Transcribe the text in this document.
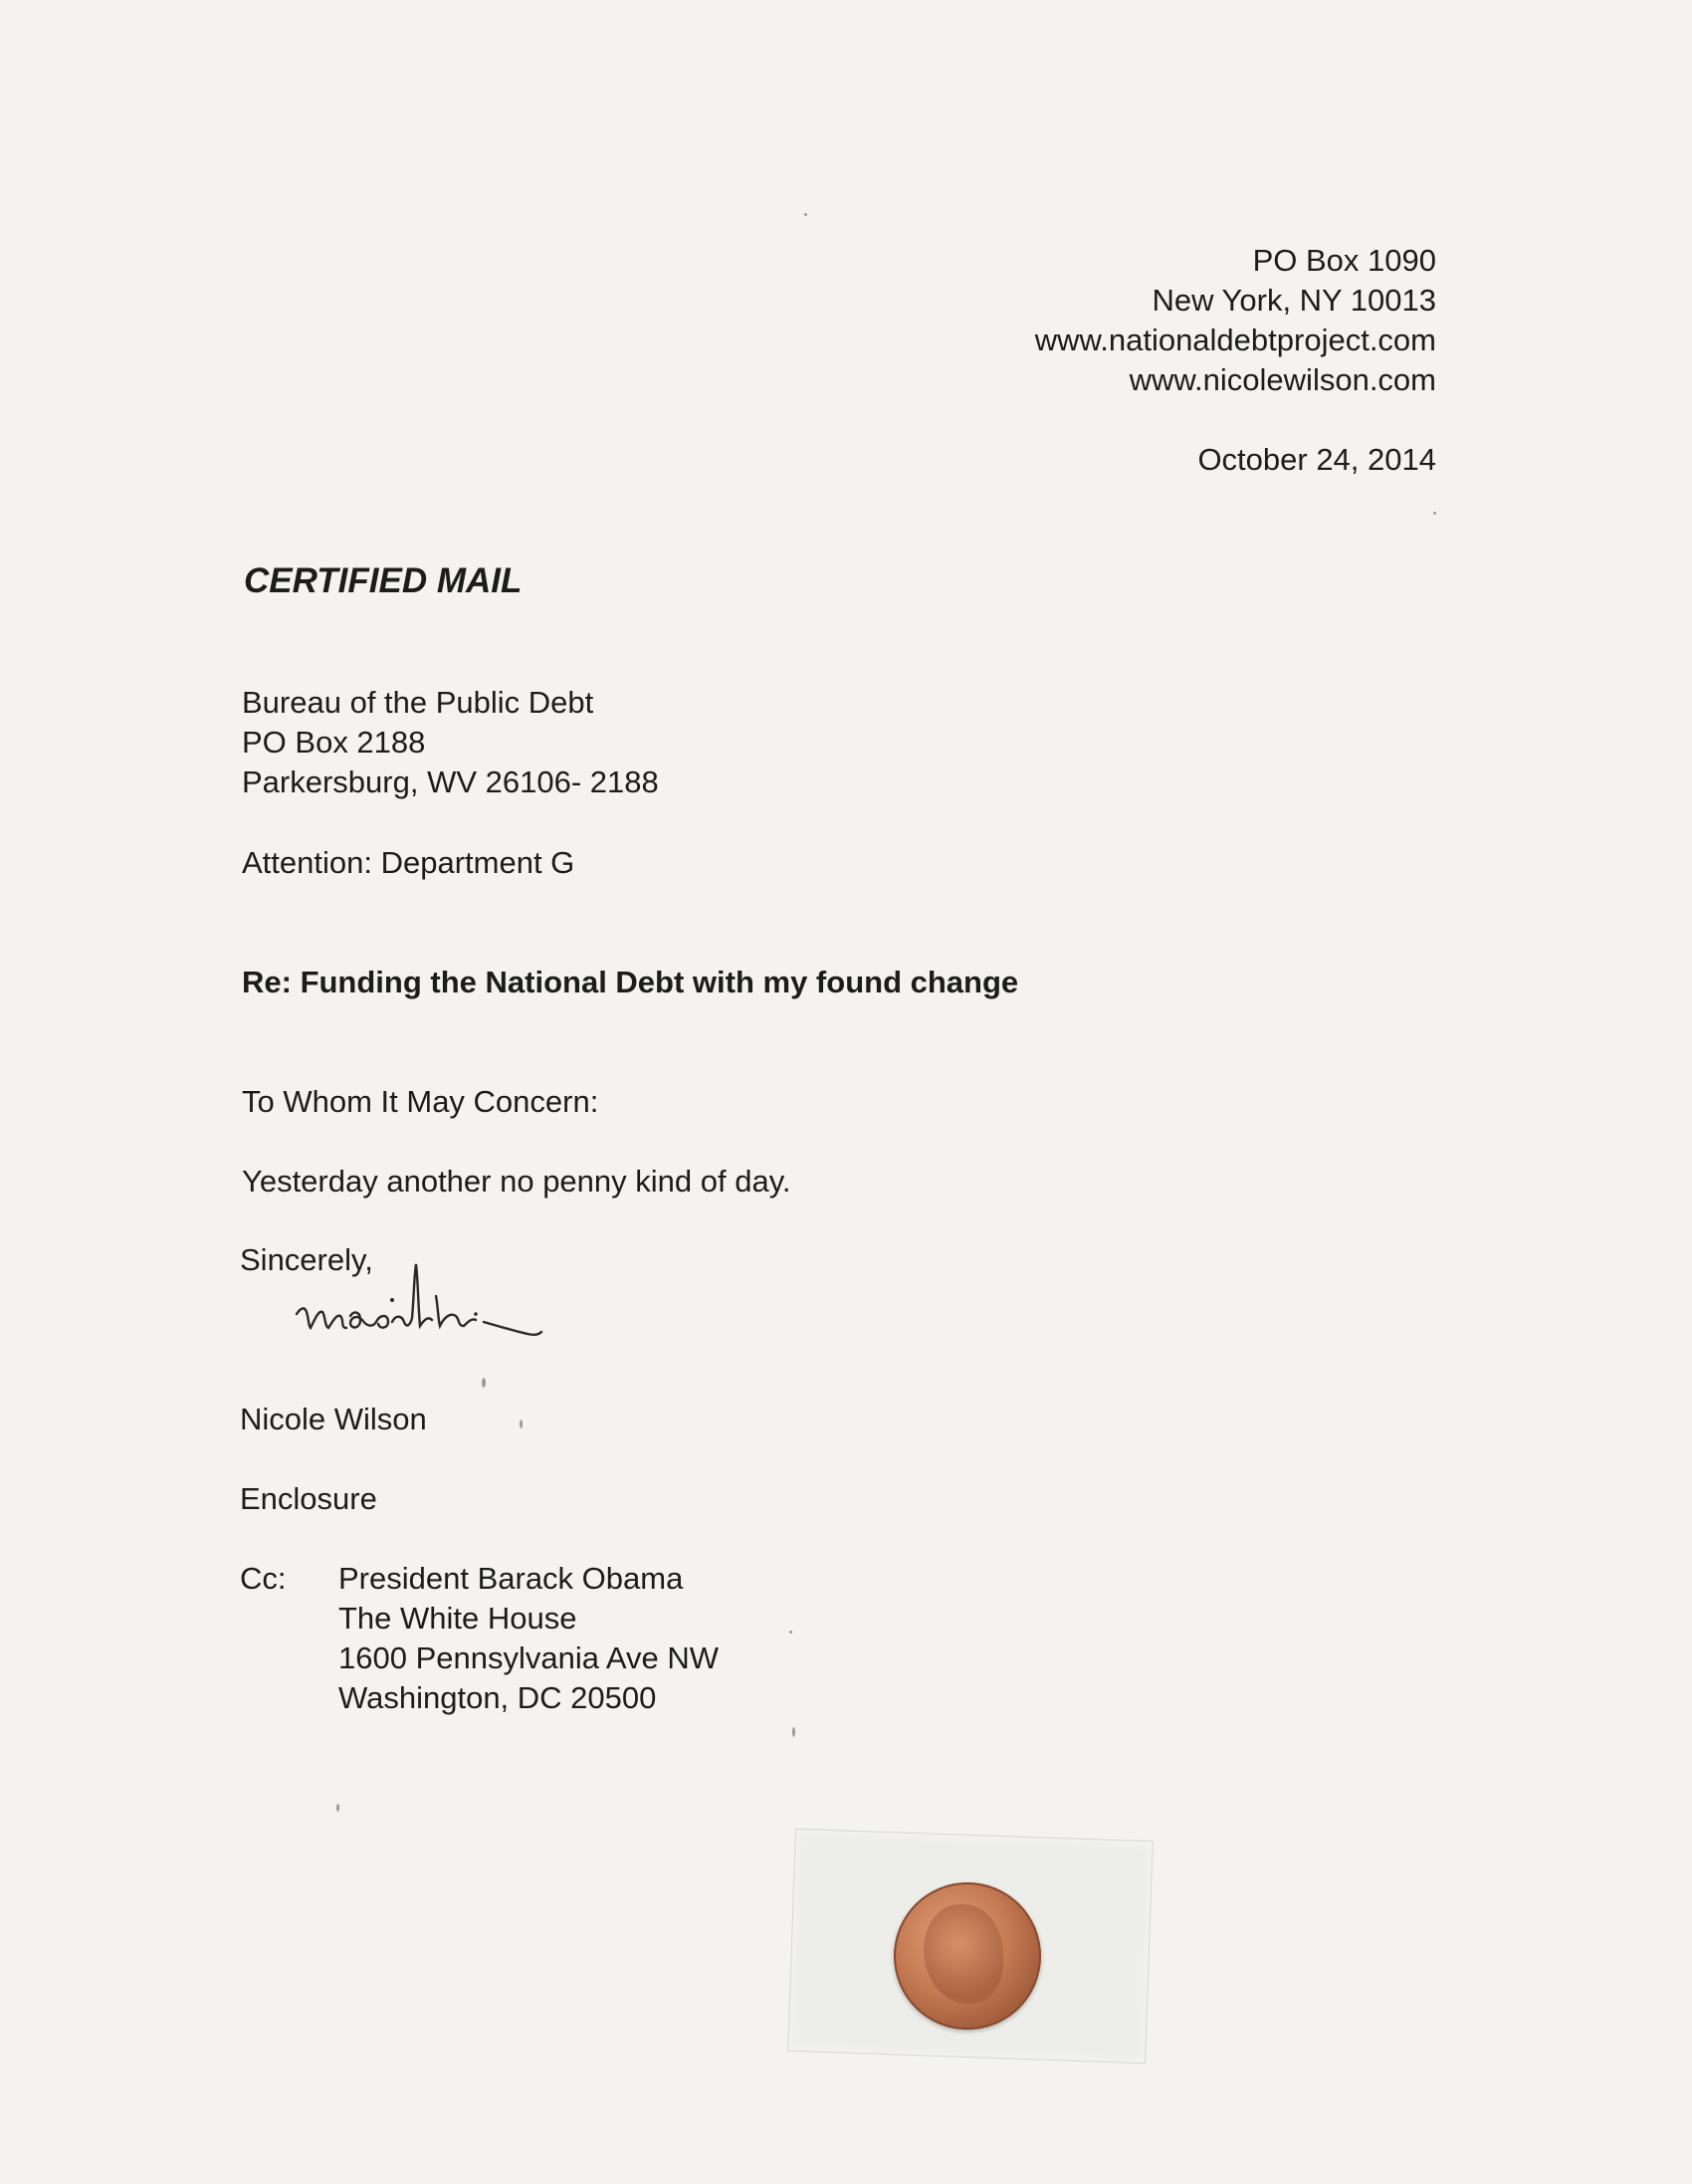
PO Box 1090
New York, NY 10013
www.nationaldebtproject.com
www.nicolewilson.com
October 24, 2014
CERTIFIED MAIL
Bureau of the Public Debt
PO Box 2188
Parkersburg, WV 26106- 2188
Attention: Department G
Re: Funding the National Debt with my found change
To Whom It May Concern:
Yesterday another no penny kind of day.
Sincerely,
Nicole Wilson
Enclosure
Cc: President Barack Obama
The White House
1600 Pennsylvania Ave NW
Washington, DC 20500
